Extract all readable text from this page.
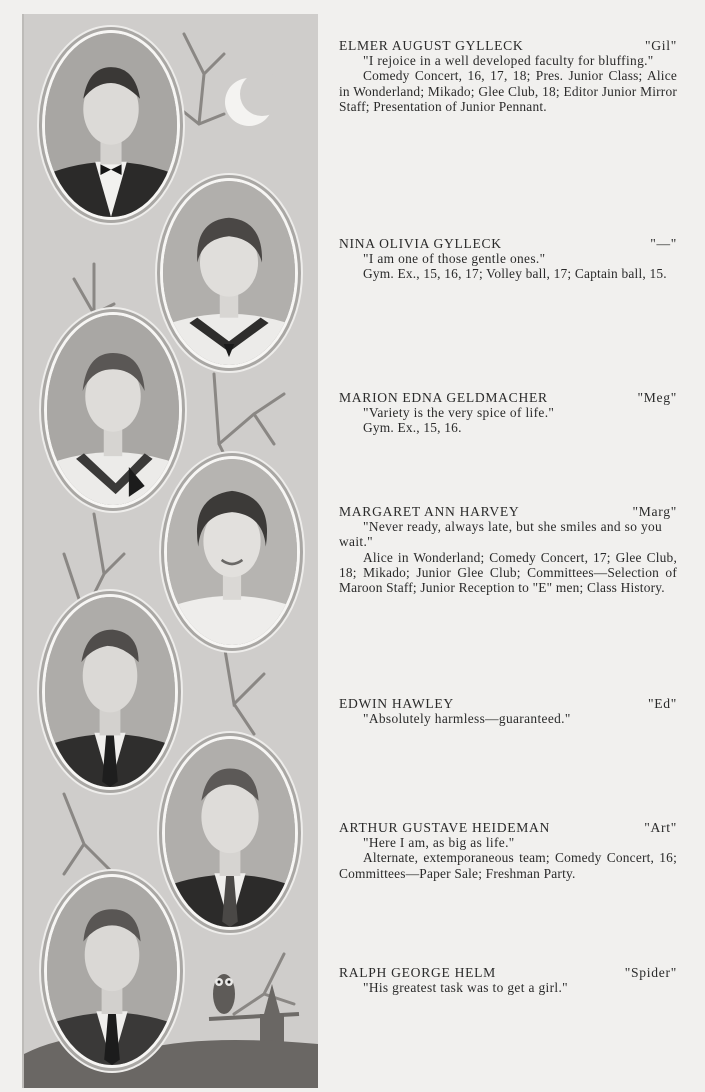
ELMER AUGUST GYLLECK	"Gil"

"I rejoice in a well developed faculty for bluffing."

Comedy Concert, 16, 17, 18; Pres. Junior Class; Alice in Wonderland; Mikado; Glee Club, 18; Editor Junior Mirror Staff; Presentation of Junior Pennant.

NINA OLIVIA GYLLECK	"—"

"I am one of those gentle ones."

Gym. Ex., 15, 16, 17; Volley ball, 17; Captain ball, 15.

MARION EDNA GELDMACHER	"Meg"

"Variety is the very spice of life."

Gym. Ex., 15, 16.

MARGARET ANN HARVEY	"Marg"

"Never ready, always late, but she smiles and so you wait."

Alice in Wonderland; Comedy Concert, 17; Glee Club, 18; Mikado; Junior Glee Club; Committees—Selection of Maroon Staff; Junior Reception to "E" men; Class History.

EDWIN HAWLEY	"Ed"

"Absolutely harmless—guaranteed."

ARTHUR GUSTAVE HEIDEMAN	"Art"

"Here I am, as big as life."

Alternate, extemporaneous team; Comedy Concert, 16; Committees—Paper Sale; Freshman Party.

RALPH GEORGE HELM	"Spider"

"His greatest task was to get a girl."
